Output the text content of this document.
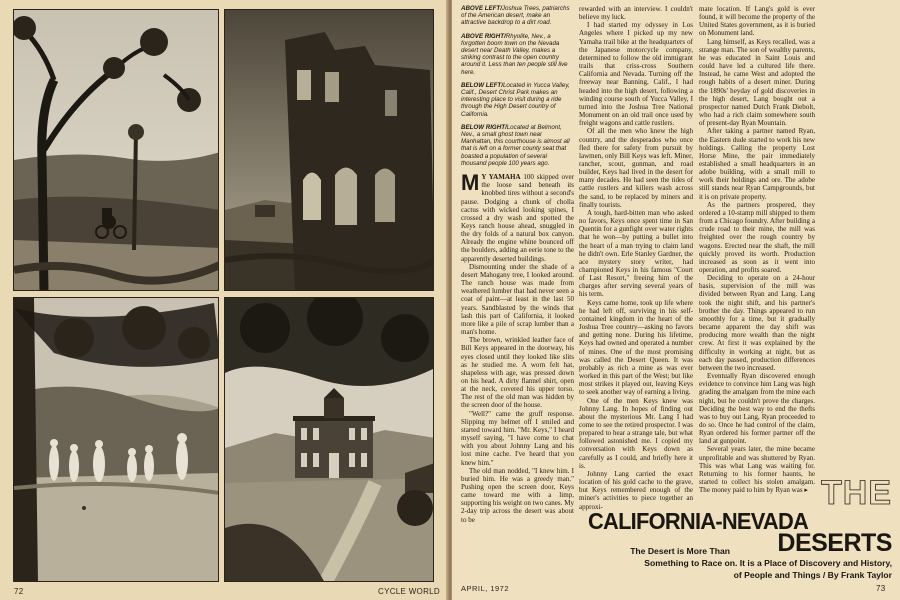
72	CYCLE WORLD
ABOVE LEFT/Joshua Trees, patriarchs of the American desert, make an attractive backdrop to a dirt road.
ABOVE RIGHT/Rhyolite, Nev., a forgotten boom town on the Nevada desert near Death Valley, makes a striking contrast to the open country around it. Less than ten people still live here.
BELOW LEFT/Located in Yucca Valley, Calif., Desert Christ Park makes an interesting place to visit during a ride through the High Desert country of California.
BELOW RIGHT/Located at Belmont, Nev., a small ghost town near Manhattan, this courthouse is almost all that is left on a former county seat that boasted a population of several thousand people 100 years ago.

M Y YAMAHA 100 skipped over the loose sand beneath its knobbed tires without a second's pause. Dodging a chunk of cholla cactus with wicked looking spines, I crossed a dry wash and spotted the Keys ranch house ahead, snuggled in the dry folds of a natural box canyon. Already the engine whine bounced off the boulders, adding an eerie tone to the apparently deserted buildings.

Dismounting under the shade of a desert Mahogany tree, I looked around. The ranch house was made from weathered lumber that had never seen a coat of paint—at least in the last 50 years. Sandblasted by the winds that lash this part of California, it looked more like a pile of scrap lumber than a man's home.

The brown, wrinkled leather face of Bill Keys appeared in the doorway, his eyes closed until they looked like slits as he studied me. A worn felt hat, shapeless with age, was pressed down on his head. A dirty flannel shirt, open at the neck, covered his upper torso. The rest of the old man was hidden by the screen door of the house.

"Well?" came the gruff response. Slipping my helmet off I smiled and started toward him. "Mr. Keys," I heard myself saying, "I have come to chat with you about Johnny Lang and his lost mine cache. I've heard that you knew him."

The old man nodded, "I knew him. I buried him. He was a greedy man." Pushing open the screen door, Keys came toward me with a limp, supporting his weight on two canes. My 2-day trip across the desert was about to be

rewarded with an interview. I couldn't believe my luck.

I had started my odyssey in Los Angeles where I picked up my new Yamaha trail bike at the headquarters of the Japanese motorcycle company, determined to follow the old immigrant trails that criss-cross Southern California and Nevada. Turning off the freeway near Banning, Calif., I had headed into the high desert, following a winding course south of Yucca Valley, I turned into the Joshua Tree National Monument on an old trail once used by freight wagons and cattle rustlers.

Of all the men who knew the high country, and the desperados who once fled there for safety from pursuit by lawmen, only Bill Keys was left. Miner, rancher, scout, gunman, and road builder, Keys had lived in the desert for many decades. He had seen the tides of cattle rustlers and killers wash across the sand, to be replaced by miners and finally tourists.

A tough, hard-bitten man who asked no favors, Keys once spent time in San Quentin for a gunfight over water rights that he won—by putting a bullet into the heart of a man trying to claim land he didn't own. Erle Stanley Gardner, the ace mystery story writer, had championed Keys in his famous "Court of Last Resort," freeing him of the charges after serving several years of his term.

Keys came home, took up life where he had left off, surviving in his self-contained kingdom in the heart of the Joshua Tree country—asking no favors and getting none. During his lifetime, Keys had owned and operated a number of mines. One of the most promising was called the Desert Queen. It was probably as rich a mine as was ever worked in this part of the West; but like most strikes it played out, leaving Keys to seek another way of earning a living.

One of the men Keys knew was Johnny Lang. In hopes of finding out about the mysterious Mr. Lang I had come to see the retired prospector. I was prepared to hear a strange tale, but what followed astonished me. I copied my conversation with Keys down as carefully as I could, and briefly here it is.

Johnny Lang carried the exact location of his gold cache to the grave, but Keys remembered enough of the miner's activities to piece together an approxi-

mate location. If Lang's gold is ever found, it will become the property of the United States government, as it is buried on Monument land.

Lang himself, as Keys recalled, was a strange man. The son of wealthy parents, he was educated in Saint Louis and could have led a cultured life there. Instead, he came West and adopted the rough habits of a desert miner. During the 1890s' heyday of gold discoveries in the high desert, Lang bought out a prospector named Dutch Frank Diebolt, who had a rich claim somewhere south of present-day Ryan Mountain.

After taking a partner named Ryan, the Eastern dude started to work his new holdings. Calling the property Lost Horse Mine, the pair immediately established a small headquarters in an adobe building, with a small mill to work their holdings and ore. The adobe still stands near Ryan Campgrounds, but it is on private property.

As the partners prospered, they ordered a 10-stamp mill shipped to them from a Chicago foundry. After building a crude road to their mine, the mill was freighted over the rough country by wagons. Erected near the shaft, the mill quickly proved its worth. Production increased as soon as it went into operation, and profits soared.

Deciding to operate on a 24-hour basis, supervision of the mill was divided between Ryan and Lang. Lang took the night shift, and his partner's brother the day. Things appeared to run smoothly for a time, but it gradually became apparent the day shift was producing more wealth than the night crew. At first it was explained by the difficulty in working at night, but as each day passed, production differences between the two increased.

Eventually Ryan discovered enough evidence to convince him Lang was high grading the amalgam from the mine each night, but he couldn't prove the charges. Deciding the best way to end the thefts was to buy out Lang, Ryan proceeded to do so. Once he had control of the claim, Ryan ordered his former partner off the land at gunpoint.

Several years later, the mine became unprofitable and was shuttered by Ryan. This was what Lang was waiting for. Returning to his former haunts, he started to collect his stolen amalgam. The money paid to him by Ryan was ▸ THE
CALIFORNIA-NEVADA
DESERTS
The Desert is More Than
Something to Race on. It is a Place of Discovery and History,
of People and Things / By Frank Taylor
APRIL, 1972	73
